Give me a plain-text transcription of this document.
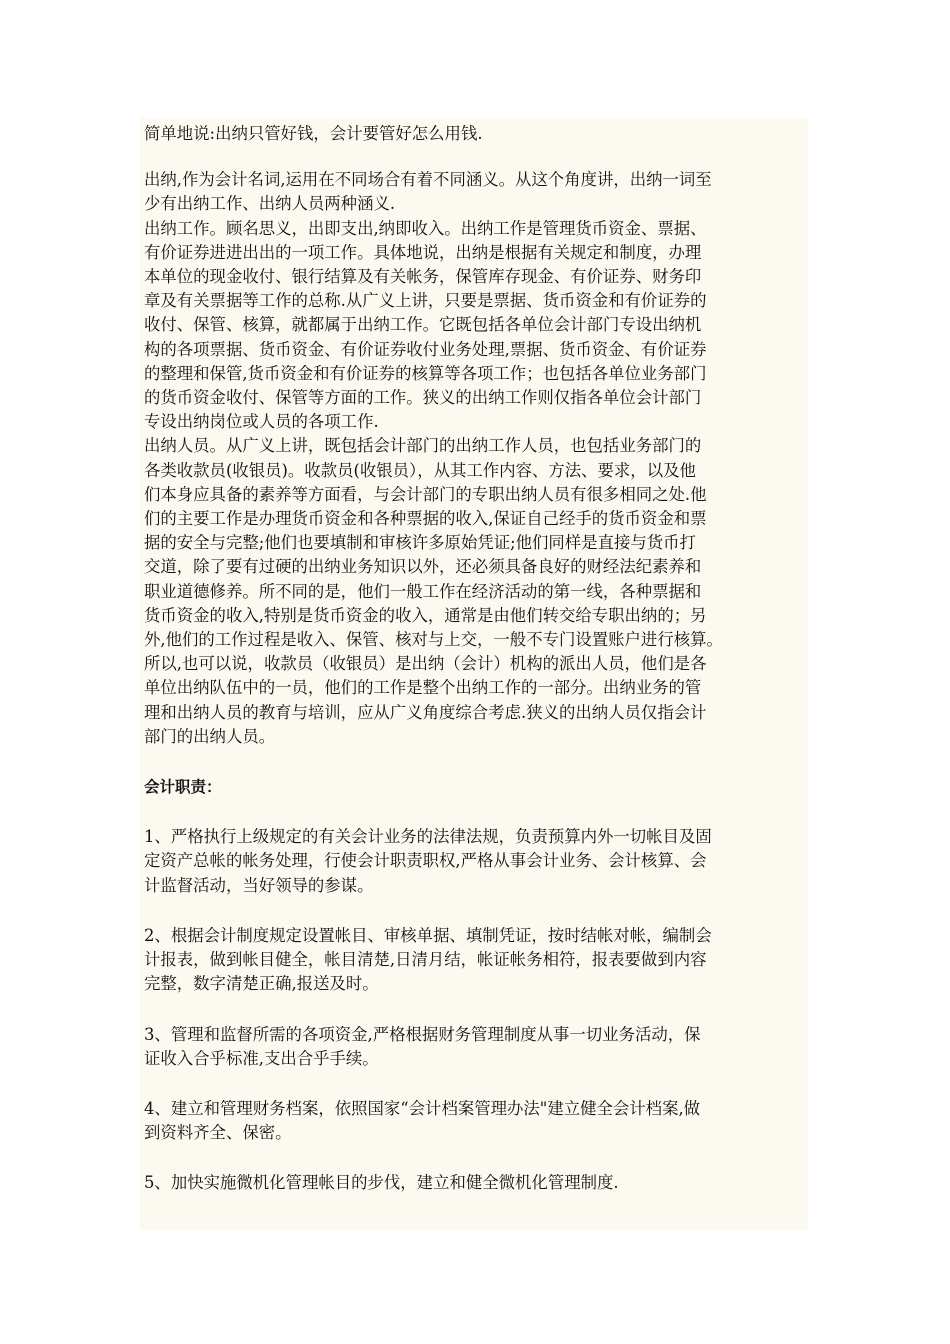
简单地说:出纳只管好钱，会计要管好怎么用钱.

出纳,作为会计名词,运用在不同场合有着不同涵义。从这个角度讲，出纳一词至
少有出纳工作、出纳人员两种涵义.

出纳工作。顾名思义，出即支出,纳即收入。出纳工作是管理货币资金、票据、
有价证券进进出出的一项工作。具体地说，出纳是根据有关规定和制度，办理
本单位的现金收付、银行结算及有关帐务，保管库存现金、有价证券、财务印
章及有关票据等工作的总称.从广义上讲，只要是票据、货币资金和有价证券的
收付、保管、核算，就都属于出纳工作。它既包括各单位会计部门专设出纳机
构的各项票据、货币资金、有价证券收付业务处理,票据、货币资金、有价证券
的整理和保管,货币资金和有价证券的核算等各项工作；也包括各单位业务部门
的货币资金收付、保管等方面的工作。狭义的出纳工作则仅指各单位会计部门
专设出纳岗位或人员的各项工作.

出纳人员。从广义上讲，既包括会计部门的出纳工作人员，也包括业务部门的
各类收款员(收银员)。收款员(收银员），从其工作内容、方法、要求，以及他
们本身应具备的素养等方面看，与会计部门的专职出纳人员有很多相同之处.他
们的主要工作是办理货币资金和各种票据的收入,保证自己经手的货币资金和票
据的安全与完整;他们也要填制和审核许多原始凭证;他们同样是直接与货币打
交道，除了要有过硬的出纳业务知识以外，还必须具备良好的财经法纪素养和
职业道德修养。所不同的是，他们一般工作在经济活动的第一线，各种票据和
货币资金的收入,特别是货币资金的收入，通常是由他们转交给专职出纳的；另
外,他们的工作过程是收入、保管、核对与上交，一般不专门设置账户进行核算。
所以,也可以说，收款员（收银员）是出纳（会计）机构的派出人员，他们是各
单位出纳队伍中的一员，他们的工作是整个出纳工作的一部分。出纳业务的管
理和出纳人员的教育与培训，应从广义角度综合考虑.狭义的出纳人员仅指会计
部门的出纳人员。

会计职责：

1、严格执行上级规定的有关会计业务的法律法规，负责预算内外一切帐目及固
定资产总帐的帐务处理，行使会计职责职权,严格从事会计业务、会计核算、会
计监督活动，当好领导的参谋。

2、根据会计制度规定设置帐目、审核单据、填制凭证，按时结帐对帐，编制会
计报表，做到帐目健全，帐目清楚,日清月结，帐证帐务相符，报表要做到内容
完整，数字清楚正确,报送及时。

3、管理和监督所需的各项资金,严格根据财务管理制度从事一切业务活动，保
证收入合乎标准,支出合乎手续。

4、建立和管理财务档案，依照国家“会计档案管理办法"建立健全会计档案,做
到资料齐全、保密。

5、加快实施微机化管理帐目的步伐，建立和健全微机化管理制度.
